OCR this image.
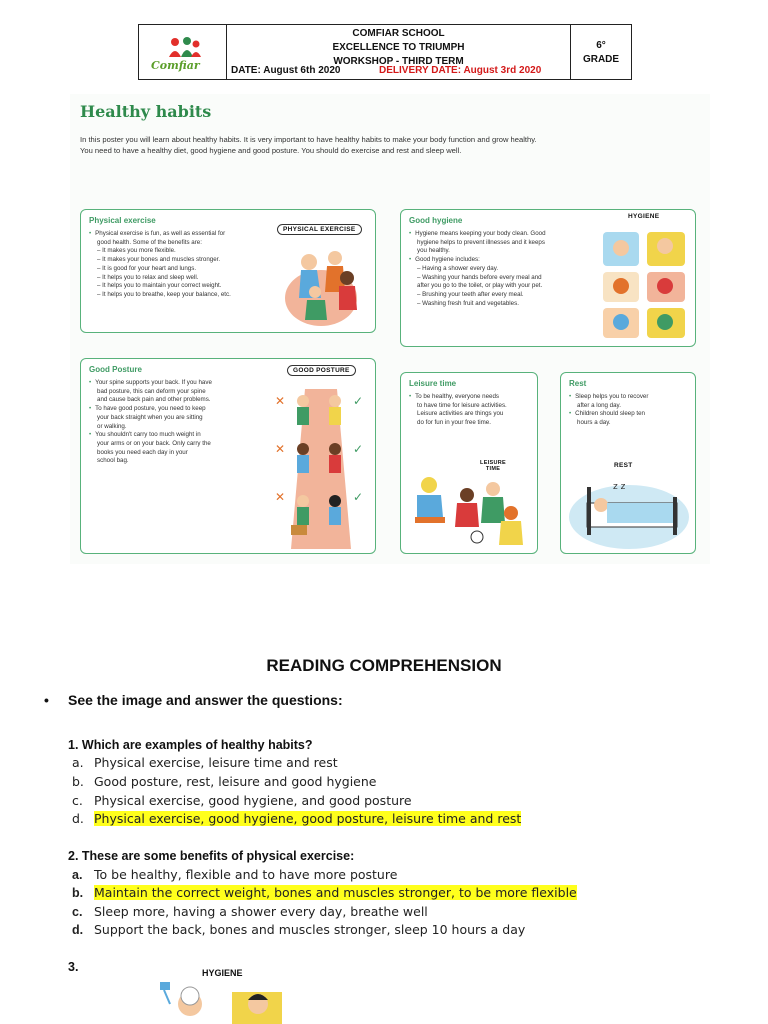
Comfiar
COMFIAR SCHOOL
EXCELLENCE TO TRIUMPH
WORKSHOP - THIRD TERM
DATE: August 6th 2020	DELIVERY DATE: August 3rd 2020
6°
GRADE
Healthy habits
In this poster you will learn about healthy habits. It is very important to have healthy habits to make your body function and grow healthy. You need to have a healthy diet, good hygiene and good posture. You should do exercise and rest and sleep well.
Physical exercise
• Physical exercise is fun, as well as essential for
good health. Some of the benefits are:
– It makes you more flexible.
– It makes your bones and muscles stronger.
– It is good for your heart and lungs.
– It helps you to relax and sleep well.
– It helps you to maintain your correct weight.
– It helps you to breathe, keep your balance, etc.
PHYSICAL EXERCISE
Good hygiene
• Hygiene means keeping your body clean. Good
hygiene helps to prevent illnesses and it keeps
you healthy.
• Good hygiene includes:
– Having a shower every day.
– Washing your hands before every meal and
after you go to the toilet, or play with your pet.
– Brushing your teeth after every meal.
– Washing fresh fruit and vegetables.
HYGIENE
Good Posture
• Your spine supports your back. If you have
bad posture, this can deform your spine
and cause back pain and other problems.
• To have good posture, you need to keep
your back straight when you are sitting
or walking.
• You shouldn't carry too much weight in
your arms or on your back. Only carry the
books you need each day in your
school bag.
GOOD POSTURE
✕	✓
✕	✓
✕	✓
Leisure time
• To be healthy, everyone needs
to have time for leisure activities.
Leisure activities are things you
do for fun in your free time.
LEISURE TIME
Rest
• Sleep helps you to recover
after a long day.
• Children should sleep ten
hours a day.
REST
z z
READING COMPREHENSION
• See the image and answer the questions:
1. Which are examples of healthy habits?
a. Physical exercise, leisure time and rest
b. Good posture, rest, leisure and good hygiene
c. Physical exercise, good hygiene, and good posture
d. Physical exercise, good hygiene, good posture, leisure time and rest
2. These are some benefits of physical exercise:
a. To be healthy, flexible and to have more posture
b. Maintain the correct weight, bones and muscles stronger, to be more flexible
c. Sleep more, having a shower every day, breathe well
d. Support the back, bones and muscles stronger, sleep 10 hours a day
3.	HYGIENE
